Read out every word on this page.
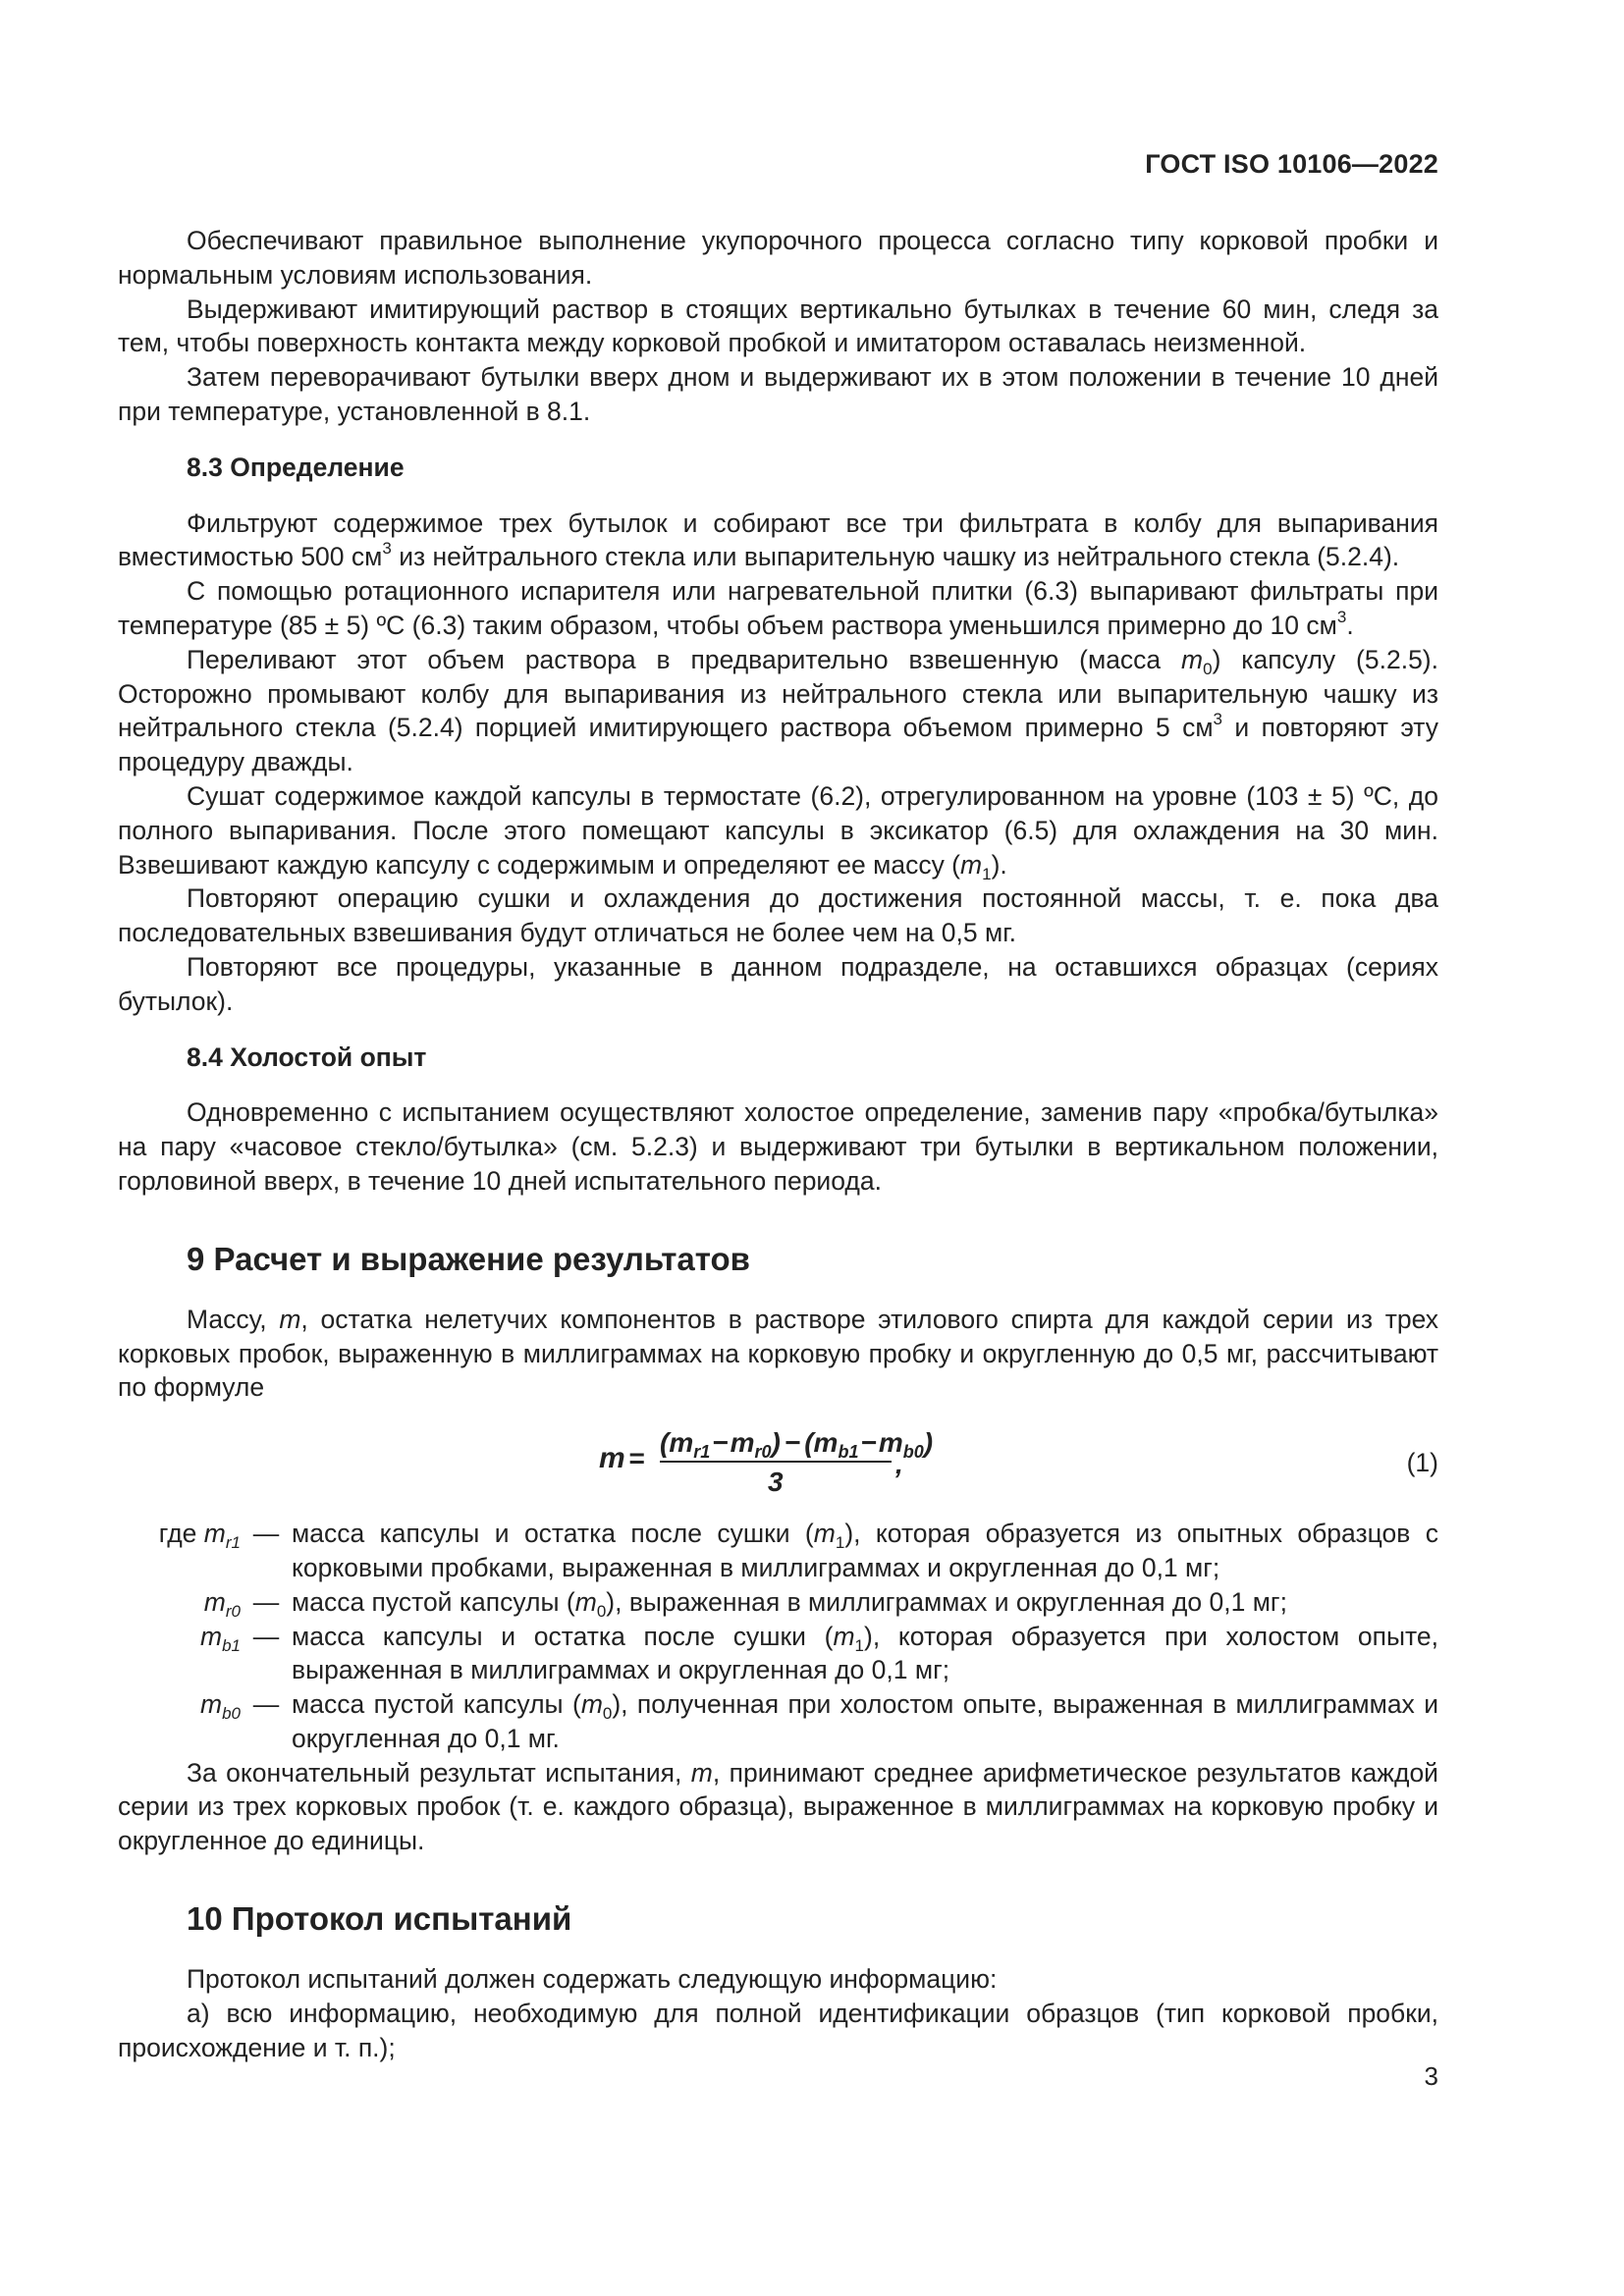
ГОСТ ISO 10106—2022

Обеспечивают правильное выполнение укупорочного процесса согласно типу корковой пробки и нормальным условиям использования.

Выдерживают имитирующий раствор в стоящих вертикально бутылках в течение 60 мин, следя за тем, чтобы поверхность контакта между корковой пробкой и имитатором оставалась неизменной.

Затем переворачивают бутылки вверх дном и выдерживают их в этом положении в течение 10 дней при температуре, установленной в 8.1.

8.3 Определение

Фильтруют содержимое трех бутылок и собирают все три фильтрата в колбу для выпаривания вместимостью 500 $см^3$ из нейтрального стекла или выпарительную чашку из нейтрального стекла (5.2.4).

С помощью ротационного испарителя или нагревательной плитки (6.3) выпаривают фильтраты при температуре (85 ± 5) ºС (6.3) таким образом, чтобы объем раствора уменьшился примерно до 10 $см^3$.

Переливают этот объем раствора в предварительно взвешенную (масса $m_0$) капсулу (5.2.5). Осторожно промывают колбу для выпаривания из нейтрального стекла или выпарительную чашку из нейтрального стекла (5.2.4) порцией имитирующего раствора объемом примерно 5 $см^3$ и повторяют эту процедуру дважды.

Сушат содержимое каждой капсулы в термостате (6.2), отрегулированном на уровне (103 ± 5) ºС, до полного выпаривания. После этого помещают капсулы в эксикатор (6.5) для охлаждения на 30 мин. Взвешивают каждую капсулу с содержимым и определяют ее массу $(m_1)$.

Повторяют операцию сушки и охлаждения до достижения постоянной массы, т. е. пока два последовательных взвешивания будут отличаться не более чем на 0,5 мг.

Повторяют все процедуры, указанные в данном подразделе, на оставшихся образцах (сериях бутылок).

8.4 Холостой опыт

Одновременно с испытанием осуществляют холостое определение, заменив пару «пробка/бутылка» на пару «часовое стекло/бутылка» (см. 5.2.3) и выдерживают три бутылки в вертикальном положении, горловиной вверх, в течение 10 дней испытательного периода.

9 Расчет и выражение результатов

Массу, m, остатка нелетучих компонентов в растворе этилового спирта для каждой серии из трех корковых пробок, выраженную в миллиграммах на корковую пробку и округленную до 0,5 мг, рассчитывают по формуле

m =
$(m_{r1}-m_{r0}) - (m_{b1}-m_{b0})$
3
,	(1)
где $m_{r1}$ — масса капсулы и остатка после сушки $(m_1)$, которая образуется из опытных образцов с корковыми пробками, выраженная в миллиграммах и округленная до 0,1 мг;
$m_{r0}$ — масса пустой капсулы $(m_0)$, выраженная в миллиграммах и округленная до 0,1 мг;
$m_{b1}$ — масса капсулы и остатка после сушки $(m_1)$, которая образуется при холостом опыте, выраженная в миллиграммах и округленная до 0,1 мг;
$m_{b0}$ — масса пустой капсулы $(m_0)$, полученная при холостом опыте, выраженная в миллиграммах и округленная до 0,1 мг.

За окончательный результат испытания, m, принимают среднее арифметическое результатов каждой серии из трех корковых пробок (т. е. каждого образца), выраженное в миллиграммах на корковую пробку и округленное до единицы.

10 Протокол испытаний

Протокол испытаний должен содержать следующую информацию:

а) всю информацию, необходимую для полной идентификации образцов (тип корковой пробки, происхождение и т. п.);

3
